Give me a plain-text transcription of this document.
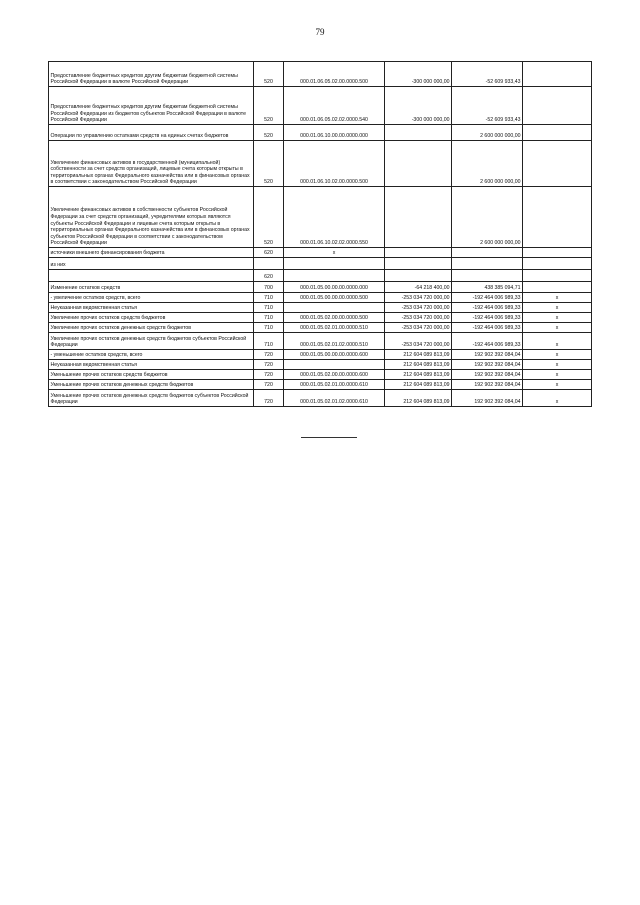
79
Предоставление бюджетных кредитов другим бюджетам бюджетной системы Российской Федерации в валюте Российской Федерации	520	000.01.06.05.02.00.0000.500	-300 000 000,00	-52 609 933,43	
Предоставление бюджетных кредитов другим бюджетам бюджетной системы Российской Федерации из бюджетов субъектов Российской Федерации в валюте Российской Федерации	520	000.01.06.05.02.02.0000.540	-300 000 000,00	-52 609 933,43	
Операции по управлению остатками средств на единых счетах бюджетов	520	000.01.06.10.00.00.0000.000		2 600 000 000,00	
Увеличение финансовых активов в государственной (муниципальной) собственности за счет средств организаций, лицевые счета которым открыты в территориальных органах Федерального казначейства или в финансовых органах в соответствии с законодательством Российской Федерации	520	000.01.06.10.02.00.0000.500		2 600 000 000,00	
Увеличение финансовых активов в собственности субъектов Российской Федерации за счет средств организаций, учредителями которых являются субъекты Российской Федерации и лицевые счета которым открыты в территориальных органах Федерального казначейства или в финансовых органах субъектов Российской Федерации в соответствии с законодательством Российской Федерации	520	000.01.06.10.02.02.0000.550		2 600 000 000,00	
источники внешнего финансирования бюджета	620	х			
из них					
	620				
Изменение остатков средств	700	000.01.05.00.00.00.0000.000	-64 218 400,00	438 385 094,71	
- увеличение остатков средств, всего	710	000.01.05.00.00.00.0000.500	-253 034 720 000,00	-192 464 006 989,33	х
Неуказанная ведомственная статья	710		-253 034 720 000,00	-192 464 006 989,33	х
Увеличение прочих остатков средств бюджетов	710	000.01.05.02.00.00.0000.500	-253 034 720 000,00	-192 464 006 989,33	х
Увеличение прочих остатков денежных средств бюджетов	710	000.01.05.02.01.00.0000.510	-253 034 720 000,00	-192 464 006 989,33	х
Увеличение прочих остатков денежных средств бюджетов субъектов Российской Федерации	710	000.01.05.02.01.02.0000.510	-253 034 720 000,00	-192 464 006 989,33	х
- уменьшение остатков средств, всего	720	000.01.05.00.00.00.0000.600	212 604 089 813,09	192 902 392 084,04	х
Неуказанная ведомственная статья	720		212 604 089 813,09	192 902 392 084,04	х
Уменьшение прочих остатков средств бюджетов	720	000.01.05.02.00.00.0000.600	212 604 089 813,09	192 902 392 084,04	х
Уменьшение прочих остатков денежных средств бюджетов	720	000.01.05.02.01.00.0000.610	212 604 089 813,09	192 902 392 084,04	х
Уменьшение прочих остатков денежных средств бюджетов субъектов Российской Федерации	720	000.01.05.02.01.02.0000.610	212 604 089 813,09	192 902 392 084,04	х
